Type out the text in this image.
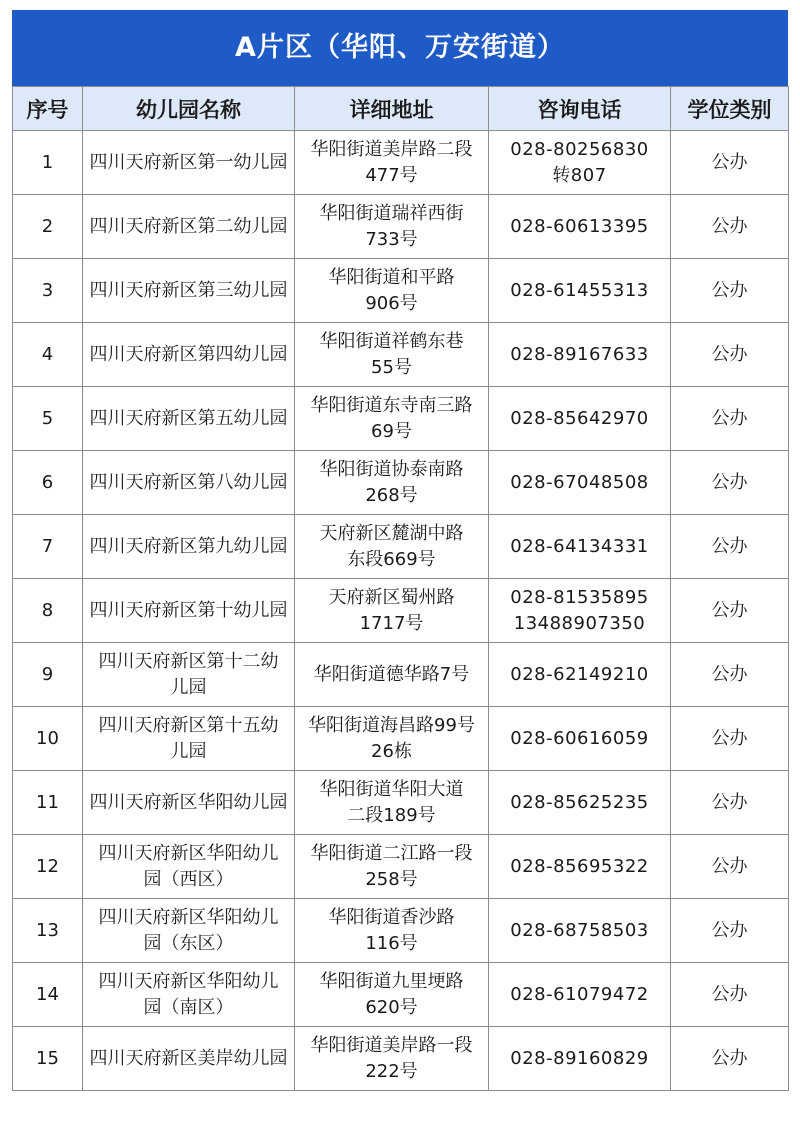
A片区（华阳、万安街道）
序号	幼儿园名称	详细地址	咨询电话	学位类别
1	四川天府新区第一幼儿园	华阳街道美岸路二段
477号	028-80256830
转807	公办
2	四川天府新区第二幼儿园	华阳街道瑞祥西街
733号	028-60613395	公办
3	四川天府新区第三幼儿园	华阳街道和平路
906号	028-61455313	公办
4	四川天府新区第四幼儿园	华阳街道祥鹤东巷
55号	028-89167633	公办
5	四川天府新区第五幼儿园	华阳街道东寺南三路
69号	028-85642970	公办
6	四川天府新区第八幼儿园	华阳街道协泰南路
268号	028-67048508	公办
7	四川天府新区第九幼儿园	天府新区麓湖中路
东段669号	028-64134331	公办
8	四川天府新区第十幼儿园	天府新区蜀州路
1717号	028-81535895
13488907350	公办
9	四川天府新区第十二幼
儿园	华阳街道德华路7号	028-62149210	公办
10	四川天府新区第十五幼
儿园	华阳街道海昌路99号
26栋	028-60616059	公办
11	四川天府新区华阳幼儿园	华阳街道华阳大道
二段189号	028-85625235	公办
12	四川天府新区华阳幼儿
园（西区）	华阳街道二江路一段
258号	028-85695322	公办
13	四川天府新区华阳幼儿
园（东区）	华阳街道香沙路
116号	028-68758503	公办
14	四川天府新区华阳幼儿
园（南区）	华阳街道九里埂路
620号	028-61079472	公办
15	四川天府新区美岸幼儿园	华阳街道美岸路一段
222号	028-89160829	公办
